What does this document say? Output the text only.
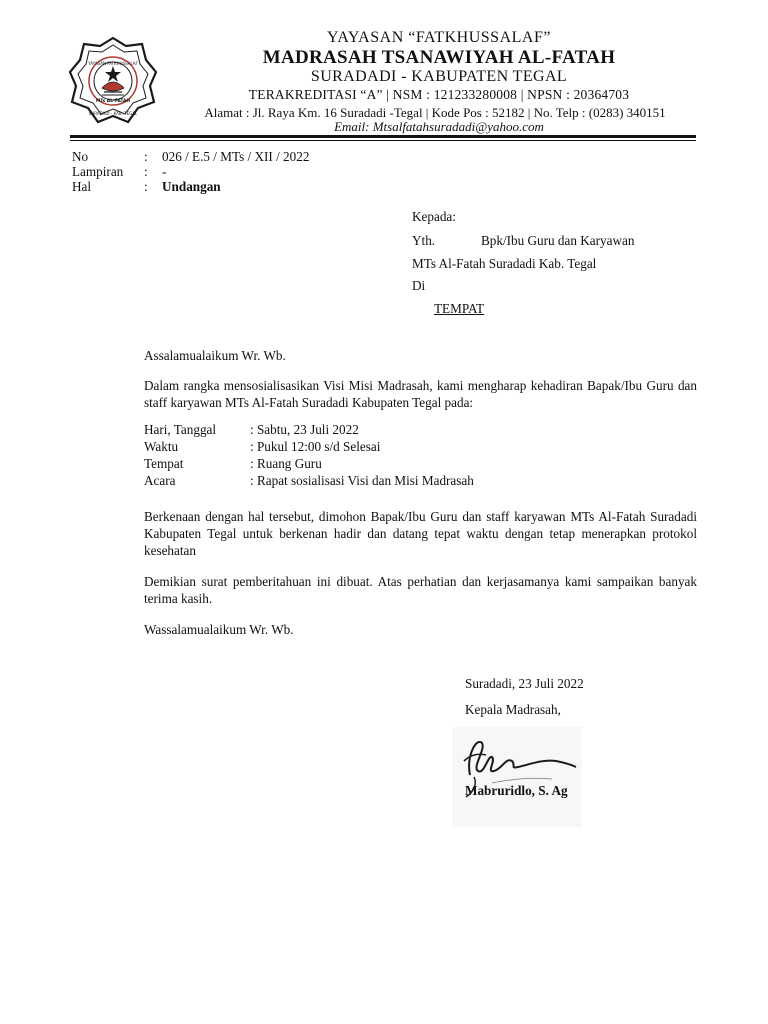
YAYASAN FATKHUSSALAF
MTs AL-FATAH
SURADADI - KAB. TEGAL
YAYASAN “FATKHUSSALAF”
MADRASAH TSANAWIYAH AL-FATAH
SURADADI - KABUPATEN TEGAL
TERAKREDITASI “A” | NSM : 121233280008 | NPSN : 20364703
Alamat : Jl. Raya Km. 16 Suradadi -Tegal | Kode Pos : 52182 | No. Telp : (0283) 340151
Email: Mtsalfatahsuradadi@yahoo.com
No	: 026 / E.5 / MTs / XII / 2022
Lampiran : -
Hal	: Undangan
Kepada:
Yth.	Bpk/Ibu Guru dan Karyawan
MTs Al-Fatah Suradadi Kab. Tegal
Di
TEMPAT
Assalamualaikum Wr. Wb.
Dalam rangka mensosialisasikan Visi Misi Madrasah, kami mengharap kehadiran Bapak/Ibu Guru dan staff karyawan MTs Al-Fatah Suradadi Kabupaten Tegal pada:
Hari, Tanggal	: Sabtu, 23 Juli 2022
Waktu	: Pukul 12:00 s/d Selesai
Tempat	: Ruang Guru
Acara	: Rapat sosialisasi Visi dan Misi Madrasah
Berkenaan dengan hal tersebut, dimohon Bapak/Ibu Guru dan staff karyawan MTs Al-Fatah Suradadi Kabupaten Tegal untuk berkenan hadir dan datang tepat waktu dengan tetap menerapkan protokol kesehatan
Demikian surat pemberitahuan ini dibuat. Atas perhatian dan kerjasamanya kami sampaikan banyak terima kasih.
Wassalamualaikum Wr. Wb.
Suradadi, 23 Juli 2022
Kepala Madrasah,
Mabruridlo, S. Ag
